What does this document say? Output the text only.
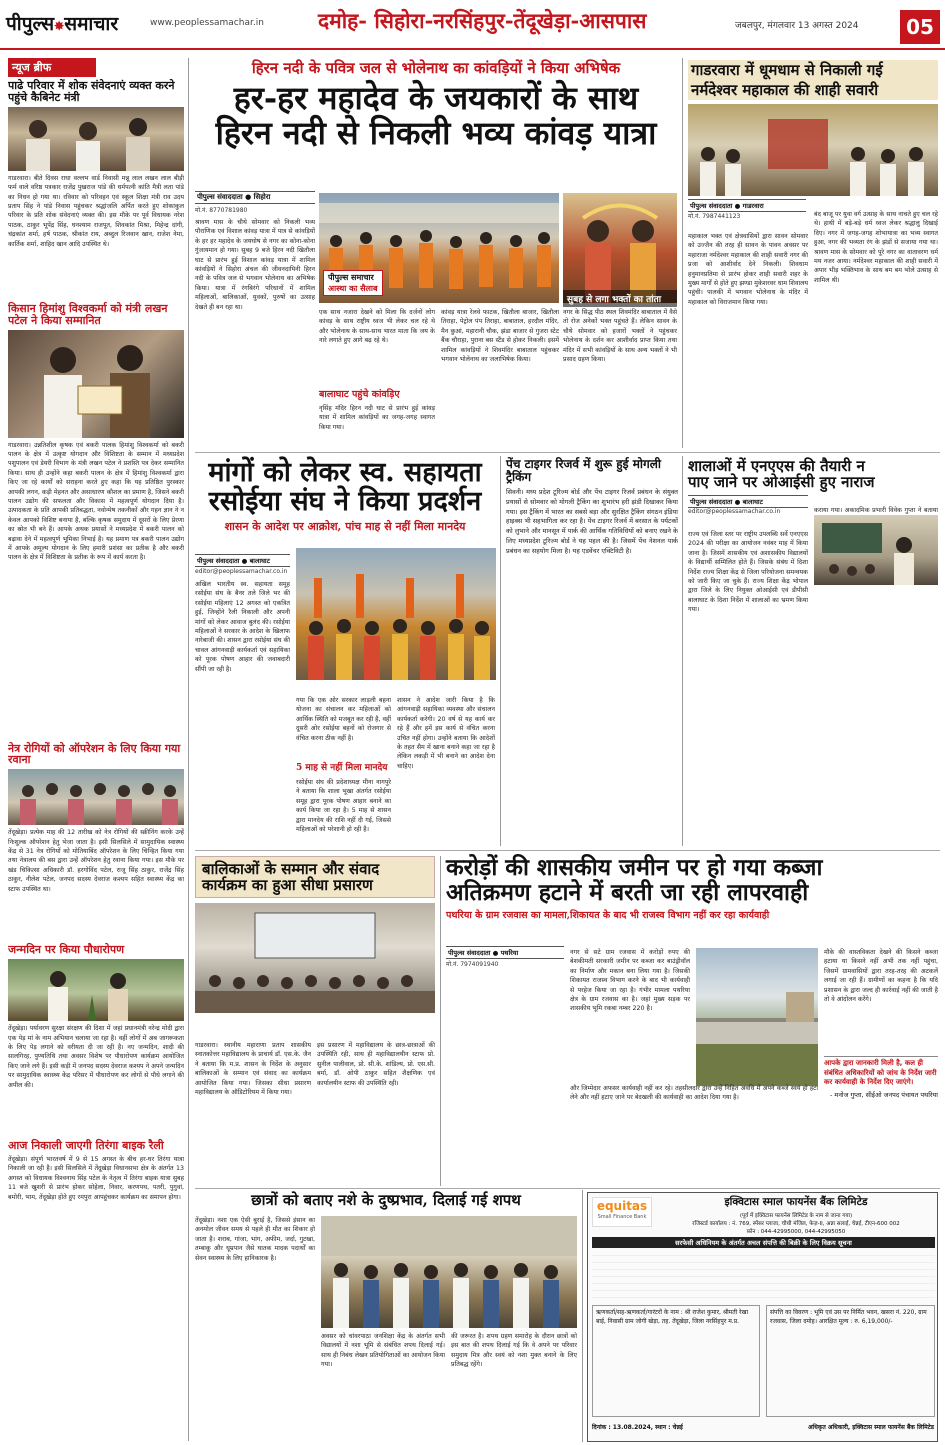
पीपुल्स✸समाचार	www.peoplessamachar.in	दमोह- सिहोरा-नरसिंहपुर-तेंदूखेड़ा-आसपास	जबलपुर, मंगलवार 13 अगस्त 2024	05
न्यूज ब्रीफ
पाढे परिवार में शोक संवेदनाएं व्यक्त करने पहुंचे कैबिनेट मंत्री
गाडरवारा। बीते दिवस राधा वल्लभ वार्ड निवासी मन्नू लाल लखन लाल बीड़ी फर्म वाले वरिष्ठ पत्रकार राजेंद्र पुखराज पांडे की धर्मपत्नी कांति मैत्री लता पांडे का निधन हो गया था। रविवार को परिवहन एवं स्कूल शिक्षा मंत्री राव उदय प्रताप सिंह ने पांडे निवास पहुंचकर श्रद्धांजलि अर्पित करते हुए शोकाकुल परिवार के प्रति शोक संवेदनाएं व्यक्त की। इस मौके पर पूर्व विधायक नरेश पाठक, ठाकुर भूपेंद्र सिंह, घनश्याम राजपूत, शिवकांत मिश्रा, मिहेन्द्र दांगी, चंद्रकांत शर्मा, हर्ष पाठक, श्रीकांत राय, अब्दुल रिजवान खान, राजेश नेमा, कार्तिक शर्मा, शाहिद खान आदि उपस्थित थे।
किसान हिमांशु विश्वकर्मा को मंत्री लखन पटेल ने किया सम्मानित
गाडरवारा। उन्नतिशील कृषक एवं बकरी पालक हिमांशु विश्वकर्मा को बकरी पालन के क्षेत्र में उत्कृष्ट योगदान और विशिष्टता के सम्मान में मध्यप्रदेश पशुपालन एवं डेयरी विभाग के मंत्री लखन पटेल ने प्रशस्ति पत्र देकर सम्मानित किया। साथ ही उन्होंने कहा बकरी पालन के क्षेत्र में हिमांशु विश्वकर्मा द्वारा किए जा रहे कार्यों को सराहना करते हुए कहा कि यह प्रतिष्ठित पुरस्कार आपकी लगन, कड़ी मेहनत और असाधारण कौशल का प्रमाण है, जिसने बकरी पालन उद्योग की सफलता और विकास में महत्वपूर्ण योगदान दिया है। उत्पादकता के प्रति आपकी प्रतिबद्धता, नवोन्मेष तकनीकों और गहन ज्ञान ने न केवल आपको विशिष्ट बनाया है, बल्कि कृषक समुदाय में दूसरों के लिए प्रेरणा का स्रोत भी बने हैं। आपके अथक प्रयासों ने मध्यप्रदेश में बकरी पालन को बढ़ावा देने में महत्वपूर्ण भूमिका निभाई है। यह प्रमाण पत्र बकरी पालन उद्योग में आपके अमूल्य योगदान के लिए हमारी प्रशंसा का प्रतीक है और बकरी पालन के क्षेत्र में विशिष्टता के प्रतीक के रूप में कार्य करता है।
नेत्र रोगियों को ऑपरेशन के लिए किया गया रवाना
तेंदूखेड़ा। प्रत्येक माह की 12 तारीख को नेत्र रोगियों की स्क्रीनिंग करके उन्हें निःशुल्क ऑपरेशन हेतु भेजा जाता है। इसी सिलसिले में सामुदायिक स्वास्थ्य केंद्र से 31 नेत्र रोगियों को मोतियाबिंद ऑपरेशन के लिए चिन्हित किया गया तथा नेत्रालय की बस द्वारा उन्हें ऑपरेशन हेतु रवाना किया गया। इस मौके पर खंड चिकित्सा अधिकारी डॉ. हरगोविंद पटेल, राजू सिंह ठाकुर, राजेंद्र सिंह ठाकुर, नीलेश पटेल, जनपद सदस्य देवराज कश्यप सहित स्वास्थ्य केंद्र का स्टाफ उपस्थित था।
जन्मदिन पर किया पौधारोपण
तेंदूखेड़ा। पर्यावरण सुरक्षा संरक्षण की दिशा में जहां प्रधानमंत्री नरेन्द्र मोदी द्वारा एक पेड़ मां के नाम अभियान चलाया जा रहा है। वहीं लोगों में अब जागरूकता के लिए पेड़ लगाने को वरीयता दी जा रही है। नए जन्मदिन, शादी की सालगिरह, पुण्यतिथि तथा अवसर विशेष पर पौधारोपण कार्यक्रम आयोजित किए जाने लगे हैं। इसी कड़ी में जनपद सदस्य देवराज कश्यप ने अपने जन्मदिन पर सामुदायिक स्वास्थ्य केंद्र परिसर में पौधारोपण कर लोगों से पौधे लगाने की अपील की।
आज निकाली जाएगी तिरंगा बाइक रैली
तेंदूखेड़ा। संपूर्ण भारतवर्ष में 9 से 15 अगस्त के बीच हर-घर तिरंगा यात्रा निकाली जा रही है। इसी सिलसिले में तेंदूखेड़ा विधानसभा क्षेत्र के अंतर्गत 13 अगस्त को विधायक विश्वनाथ सिंह पटेल के नेतृत्व में तिरंगा बाइक यात्रा सुबह 11 बजे खुशरी से प्रारंभ होकर सोहेला, निवार, करणपथ, पतरी, पुगुवां, बमोरी, भाम, तेंदूखेड़ा होते हुए रमपुरा आपहुंचकर कार्यक्रम का समापन होगा।
हिरन नदी के पवित्र जल से भोलेनाथ का कांवड़ियों ने किया अभिषेक
हर-हर महादेव के जयकारों के साथ
हिरन नदी से निकली भव्य कांवड़ यात्रा
पीपुल्स संवाददाता ● सिहोरा
मो.नं. 8770781980
श्रावण मास के चौथे सोमवार को निकली भव्य पौराणिक एवं विशाल कांवड़ यात्रा में पात्र से कांवड़ियों के हर हर महादेव के जयघोष से नगर का कोना-कोना गुंजायमान हो गया। सुबह 9 बजे हिरन नदी खितौला घाट से प्रारंभ हुई विशाल कांवड़ यात्रा में शामिल कांवड़ियों ने सिहोरा अंचल की जीवनदायिनी हिरन नदी के पवित्र जल से भगवान भोलेनाथ का अभिषेक किया। यात्रा में रंगबिरंगे परिधानों में शामिल महिलाओं, बालिकाओं, युवकों, पुरुषों का उत्साह देखते ही बन रहा था।
पीपुल्स समाचार
आस्था का सैलाब
सुबह से लगा भक्तों का तांता
एक साथ नजारा देखने को मिला कि दर्जनों लोग कांवड़ के साथ राष्ट्रीय ध्वज भी लेकर चल रहे थे और भोलेनाथ के साथ-साथ भारत माता कि जय के नारे लगाते हुए आगे बढ़ रहे थे।
बालाघाट पहुंचे कांवड़िए
नृसिंह मंदिर हिरन नदी घाट से प्रारंभ हुई कांवड़ यात्रा में शामिल कांवड़ियों का जगह-जगह स्वागत किया गया।
कांवड़ यात्रा रेलवे फाटक, खितौला बाजार, खितौला तिराहा, पेट्रोल पंप तिराहा, बाबाताल, हरदौल मंदिर, मैन कुआं, महारानी चौक, झंडा बाजार से गुजरा स्टेट बैंक चौराहा, पुराना बस स्टैंड से होकर निकली। इसमें शामिल कांवड़ियों ने शिवमंदिर बाबाताल पहुंचकर भगवान भोलेनाथ का जलाभिषेक किया।
नगर के सिद्ध पीठ स्थल शिवमंदिर बाबाताल में वैसे तो रोज अनेकों भक्त पहुंचते हैं। लेकिन सावन के चौथे सोमवार को हजारों भक्तों ने पहुंचकर भोलेनाथ के दर्शन कर आशीर्वाद प्राप्त किया तथा मंदिर में सभी कांवड़ियों के साथ अन्य भक्तों ने भी प्रसाद ग्रहण किया।
गाडरवारा में धूमधाम से निकाली गई
नर्मदेश्वर महाकाल की शाही सवारी
पीपुल्स संवाददाता ● गाडरवारा
मो.नं. 7987441123
महाकाल भक्त एवं क्षेत्रवासियों द्वारा सावन सोमवार को उज्जैन की तरह ही सावन के पावन अवसर पर महाराजा नर्मदेश्वर महाकाल की शाही सवारी नगर की प्रजा को आशीर्वाद देने निकली। शिवधाम हनुमानप्रतिमा से प्रारंभ होकर शाही सवारी शहर के मुख्य मार्गों से होते हुए झण्डा मुकेशरवर धाम शिवालय पहुंची। पालकी में भगवान भोलेनाथ के मंदिर में महाकाल को विराजमान किया गया।
बंद बाजू पर युवा वर्ग उत्साह के साथ नाचते हुए चल रहे थे। हाथी में बड़े-बड़े धर्म ध्वज लेकर श्रद्धालु दिखाई दिए। नगर में जगह-जगह शोभायात्रा का भव्य स्वागत हुआ, नगर की भव्यता रंग के झंडों से सजाया गया था। श्रावण मास के सोमवार को पूरे नगर का वातावरण धर्म मय नजर आया। नर्मदेश्वर महाकाल की शाही सवारी में अपार भीड़ भक्तिभाव के साथ बम बम भोले उत्साह से शामिल थी।
मांगों को लेकर स्व. सहायता
रसोईया संघ ने किया प्रदर्शन
शासन के आदेश पर आक्रोश, पांच माह से नहीं मिला मानदेय
पीपुल्स संवाददाता ● बालाघाट
editor@peoplessamachar.co.in
अखिल भारतीय स्व. सहायता समूह रसोईया संघ के बैनर तले जिले भर की रसोईया महिलाएं 12 अगस्त को एकत्रित हुई, जिन्होंने रैली निकाली और अपनी मांगों को लेकर आवाज बुलंद की। रसोईया महिलाओं ने सरकार के आदेश के खिलाफ नारेबाजी की। शासन द्वारा रसोईया संघ की चावल आंगनवाड़ी कार्यकर्ता एवं सहायिका को पूरक पोषण आहार की जवाबदारी सौंपी जा रही है।
गया कि एक ओर सरकार लाड़ली बहना योजना का संचालन कर महिलाओं को आर्थिक स्थिति को मजबूत कर रही है, वहीं दूसरी ओर रसोईया बहनों को रोजगार से वंचित करना ठीक नहीं है।
5 माह से नहीं मिला मानदेय
रसोईया संघ की प्रदेशाध्यक्ष मीना नागपुरे ने बताया कि शाला भूखा अंतर्गत रसोईया समूह द्वारा पूरक पोषण आहार बनाने का कार्य किया जा रहा है। 5 माह से शासन द्वारा मानदेय की राशि नहीं दी गई, जिससे महिलाओं को परेशानी हो रही है।
शासन ने आदेश जारी किया है कि आंगनवाड़ी सहायिका व्यवस्था और संचालन कार्यकर्ता करेगी। 20 वर्ष से यह कार्य कर रहे हैं और हमें इस कार्य से वंचित करना उचित नहीं होगा। उन्होंने बताया कि आदेशों के तहत सैम में खाना बनाने कहा जा रहा है लेकिन लकड़ी में भी बनाने का आदेश देना चाहिए।
पेंच टाइगर रिजर्व में शुरू हुई मोगली ट्रैकिंग
सिवनी। मध्य प्रदेश टूरिज्म बोर्ड और पेंच टाइगर रिजर्व प्रबंधन के संयुक्त प्रयासों से सोमवार को मोगली ट्रैकिंग का शुभारंभ हरी झंडी दिखाकर किया गया। इस ट्रैकिंग में भारत का सबसे बड़ा और सुरक्षित ट्रैकिंग संगठन इंडिया हाइक्स भी सहभागिता कर रहा है। पेंच टाइगर रिजर्व में बरसात के पर्यटकों को लुभाने और मानसून में पार्क की आर्थिक गतिविधियों को बनाए रखने के लिए मध्यप्रदेश टूरिज्म बोर्ड ने यह पहल की है। जिसमें पेंच नेशनल पार्क प्रबंधन का सहयोग मिला है। यह एडवेंचर एक्टिविटी है।
शालाओं में एनएएस की तैयारी न
पाए जाने पर ओआईसी हुए नाराज
पीपुल्स संवाददाता ● बालाघाट
editor@peoplessamachar.co.in
राज्य एवं जिला स्तर पर राष्ट्रीय उपलब्धि सर्वे एनएएस 2024 की परीक्षा का आयोजन नवंबर माह में किया जाना है। जिसमें शासकीय एवं अशासकीय विद्यालयों के विद्यार्थी सम्मिलित होते हैं। जिसके संबंध में दिशा निर्देश राज्य शिक्षा केंद्र से जिला परियोजना समन्वयक को जारी किए जा चुके हैं। राज्य शिक्षा केंद्र भोपाल द्वारा जिले के लिए नियुक्त ओआईसी एवं डीपीसी बालाघाट के दिशा निर्देश में शालाओं का भ्रमण किया गया।
कराया गया। अकादमिक प्रभारी विवेक गुप्ता ने बताया
बालिकाओं के सम्मान और संवाद
कार्यक्रम का हुआ सीधा प्रसारण
गाडरवारा। स्थानीय महाराणा प्रताप शासकीय स्नातकोत्तर महाविद्यालय के प्राचार्य डॉ. एस.के. जैन ने बताया कि म.प्र. शासन के निर्देश के अनुसार बालिकाओं के सम्मान एवं संवाद का कार्यक्रम आयोजित किया गया। जिसका सीधा प्रसारण महाविद्यालय के ऑडिटोरियम में किया गया।
इस प्रसारण में महाविद्यालय के छात्र-छात्राओं की उपस्थिति रही, साथ ही महाविद्यालयीन स्टाफ प्रो. सुनील पालीवाल, प्रो. सी.के. शांडिल्य, प्रो. एस.सी. बर्मा, डॉ. ओपी ठाकुर सहित शैक्षणिक एवं कार्यालयीन स्टाफ की उपस्थिति रही।
करोड़ों की शासकीय जमीन पर हो गया कब्जा
अतिक्रमण हटाने में बरती जा रही लापरवाही
पथरिया के ग्राम रजवास का मामला,शिकायत के बाद भी राजस्व विभाग नहीं कर रहा कार्यवाही
पीपुल्स संवाददाता ● पथरिया
मो.नं. 7974091940
नगर से सटे ग्राम रजवास में करोड़ों रुपए की बेशकीमती सरकारी जमीन पर कब्जा कर बाउंड्रीवॉल का निर्माण और मकान बना लिया गया है। जिसकी शिकायत राजस्व विभाग करने के बाद भी कार्यवाही से परहेज किया जा रहा है। गंभीर मामला पथरिया क्षेत्र के ग्राम रजवास का है। जहां मुख्य सड़क पर शासकीय भूमि रकबा नम्बर 220 है।
मौके की वास्तविकता देखने की किसने कब्जा हटाया या किसने नहीं अभी तक नहीं पहुंचा, जिसमें ग्रामवासियों द्वारा तरह-तरह की अटकलें लगाई जा रही हैं। ग्रामीणों का कहना है कि यदि प्रशासन के द्वारा जल्द ही कार्रवाई नहीं की जाती है तो वे आंदोलन करेंगे।
आपके द्वारा जानकारी मिली है, कल ही संबंधित अधिकारियों को जांच के निर्देश जारी कर कार्यवाही के निर्देश दिए जाएंगे।
- मनोज गुप्ता, सीईओ जनपद पंचायत पथरिया
और जिम्मेदार अफसर कार्यवाही नहीं कर रहे। तहसीलदार द्वारा उन्हें निहित अवधि में अपने कब्जे स्वयं हो हटा लेने और नहीं हटाए जाने पर बेदखली की कार्यवाही का आदेश दिया गया है।
छात्रों को बताए नशे के दुष्प्रभाव, दिलाई गई शपथ
तेंदूखेड़ा। नशा एक ऐसी बुराई है, जिससे इंसान का अनमोल जीवन समय से पहले ही मौत का शिकार हो जाता है। शराब, गांजा, भांग, अफीम, जर्दा, गुटखा, तम्बाकू और धूम्रपान जैसे घातक मादक पदार्थों का सेवन स्वास्थ्य के लिए हानिकारक है।
अवसर को चांवरपाठा जनशिक्षा केंद्र के अंतर्गत सभी विद्यालयों में नशा भूमि से संबंधित शपथ दिलाई गई। साथ ही निबंध लेखन प्रतियोगिताओं का आयोजन किया गया।
की जरूरत है। शपथ ग्रहण समारोह के दौरान छात्रों को इस बात की शपथ दिलाई गई कि वे अपने पर परिवार समुदाय मित्र और स्वयं को नशा मुक्त बनाने के लिए प्रतिबद्ध रहेंगे।
equitas
Small Finance Bank
इक्विटास स्माल फायनेंस बैंक लिमिटेड
(पूर्व में इक्विटास फायनेंस लिमिटेड के नाम से जाना गया)
रजिस्टर्ड कार्यालय : नं. 769, स्पेंसर प्लाजा, चौथी मंजिल, फेज़-II, अन्ना सलाई, चेन्नई, टीएन-600 002
फ़ोन : 044-42995000, 044-42995050
सरफेसी अधिनियम के अंतर्गत अचल संपत्ति की बिक्री के लिए विक्रय सूचना
ऋणकर्ता/सह-ऋणकर्ता/गारंटरों के नाम : श्री राजेश कुमार, श्रीमती रेखा बाई, निवासी ग्राम जोगी खेड़ा, तह. तेंदूखेड़ा, जिला नरसिंहपुर म.प्र.
संपत्ति का विवरण : भूमि एवं उस पर निर्मित भवन, खसरा नं. 220, ग्राम रजवास, जिला दमोह। आरक्षित मूल्य : रु. 6,19,000/-
दिनांक : 13.08.2024, स्थान : चेन्नई	अधिकृत अधिकारी, इक्विटास स्माल फायनेंस बैंक लिमिटेड
